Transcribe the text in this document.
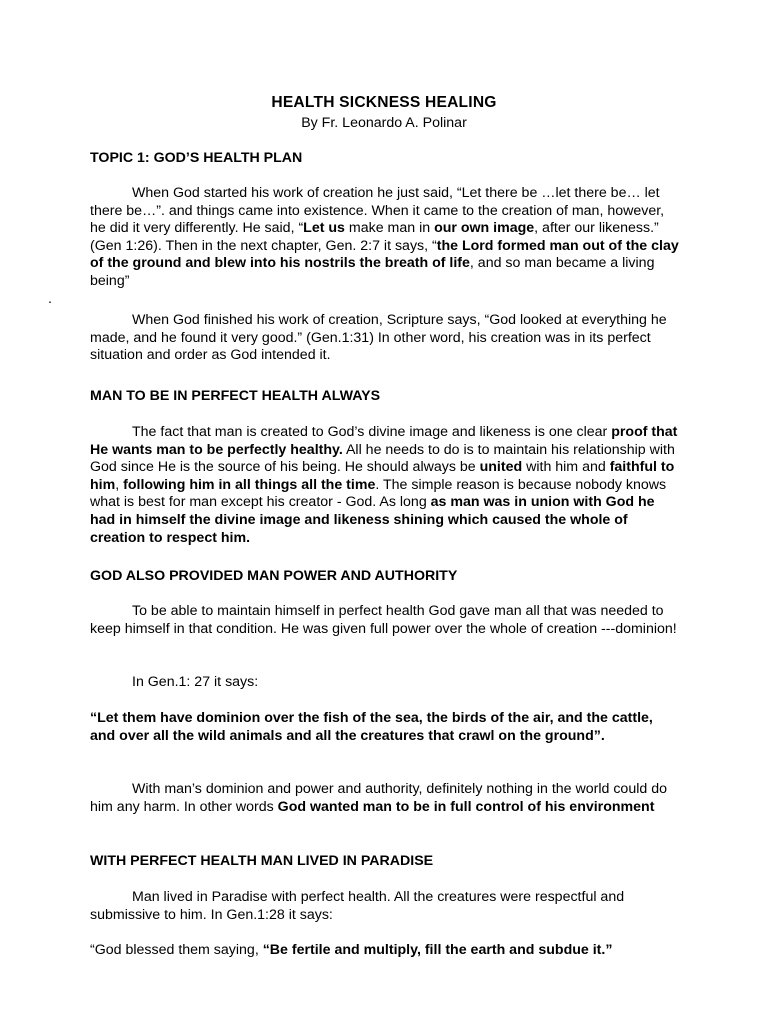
HEALTH SICKNESS HEALING
By Fr. Leonardo A. Polinar
TOPIC 1: GOD’S HEALTH PLAN

When God started his work of creation he just said, “Let there be …let there be… let there be…”. and things came into existence. When it came to the creation of man, however, he did it very differently. He said, “Let us make man in our own image, after our likeness.” (Gen 1:26). Then in the next chapter, Gen. 2:7 it says, “the Lord formed man out of the clay of the ground and blew into his nostrils the breath of life, and so man became a living being”
.

When God finished his work of creation, Scripture says, “God looked at everything he made, and he found it very good.” (Gen.1:31) In other word, his creation was in its perfect situation and order as God intended it.

MAN TO BE IN PERFECT HEALTH ALWAYS

The fact that man is created to God’s divine image and likeness is one clear proof that He wants man to be perfectly healthy. All he needs to do is to maintain his relationship with God since He is the source of his being. He should always be united with him and faithful to him, following him in all things all the time. The simple reason is because nobody knows what is best for man except his creator - God. As long as man was in union with God he had in himself the divine image and likeness shining which caused the whole of creation to respect him.

GOD ALSO PROVIDED MAN POWER AND AUTHORITY

To be able to maintain himself in perfect health God gave man all that was needed to keep himself in that condition. He was given full power over the whole of creation ---dominion!

In Gen.1: 27 it says:

“Let them have dominion over the fish of the sea, the birds of the air, and the cattle, and over all the wild animals and all the creatures that crawl on the ground”.

With man’s dominion and power and authority, definitely nothing in the world could do him any harm. In other words God wanted man to be in full control of his environment

WITH PERFECT HEALTH MAN LIVED IN PARADISE

Man lived in Paradise with perfect health. All the creatures were respectful and submissive to him. In Gen.1:28 it says:

“God blessed them saying, “Be fertile and multiply, fill the earth and subdue it.”
